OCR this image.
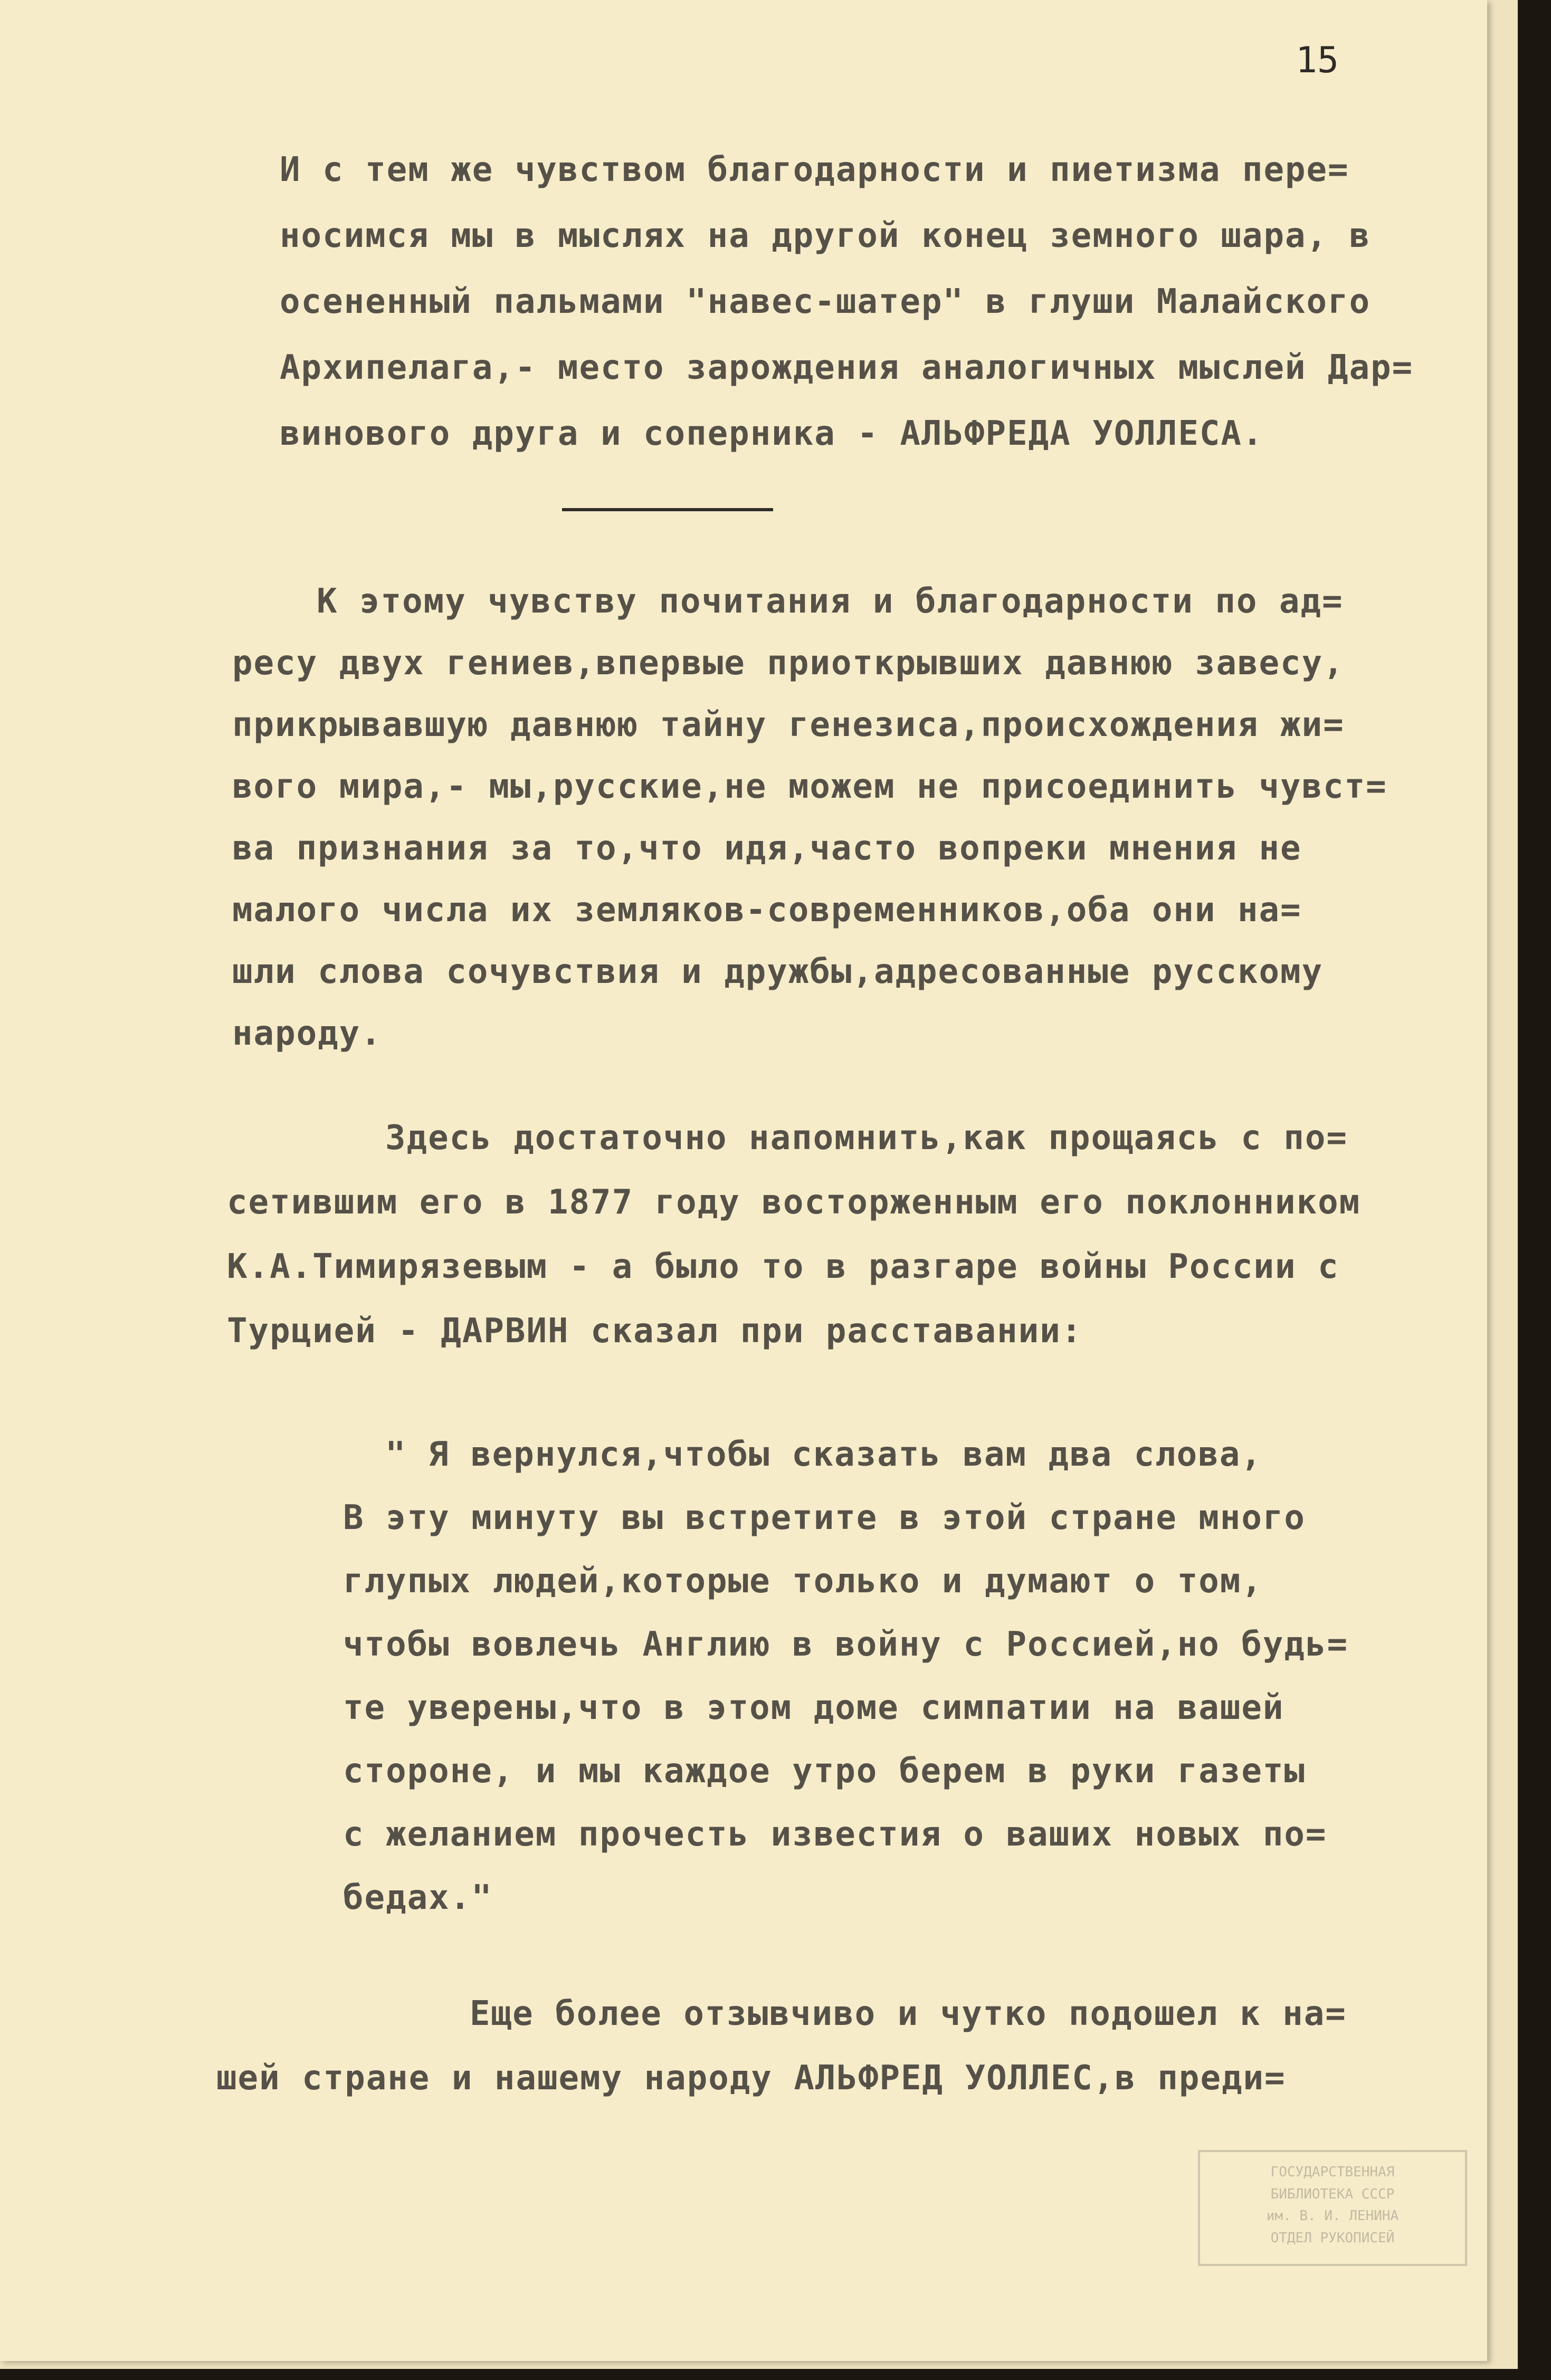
15
И с тем же чувством благодарности и пиетизма пере=
носимся мы в мыслях на другой конец земного шара, в
осененный пальмами "навес-шатер" в глуши Малайского
Архипелага,- место зарождения аналогичных мыслей Дар=
винового друга и соперника - АЛЬФРЕДА УОЛЛЕСА.
К этому чувству почитания и благодарности по ад=
ресу двух гениев,впервые приоткрывших давнюю завесу,
прикрывавшую давнюю тайну генезиса,происхождения жи=
вого мира,- мы,русские,не можем не присоединить чувст=
ва признания за то,что идя,часто вопреки мнения не
малого числа их земляков-современников,оба они на=
шли слова сочувствия и дружбы,адресованные русскому
народу.
Здесь достаточно напомнить,как прощаясь с по=
сетившим его в 1877 году восторженным его поклонником
К.А.Тимирязевым - а было то в разгаре войны России с
Турцией - ДАРВИН сказал при расставании:
" Я вернулся,чтобы сказать вам два слова,
В эту минуту вы встретите в этой стране много
глупых людей,которые только и думают о том,
чтобы вовлечь Англию в войну с Россией,но будь=
те уверены,что в этом доме симпатии на вашей
стороне, и мы каждое утро берем в руки газеты
с желанием прочесть известия о ваших новых по=
бедах."
Еще более отзывчиво и чутко подошел к на=
шей стране и нашему народу АЛЬФРЕД УОЛЛЕС,в преди=
ГОСУДАРСТВЕННАЯ
БИБЛИОТЕКА СССР
им. В. И. ЛЕНИНА
ОТДЕЛ РУКОПИСЕЙ
